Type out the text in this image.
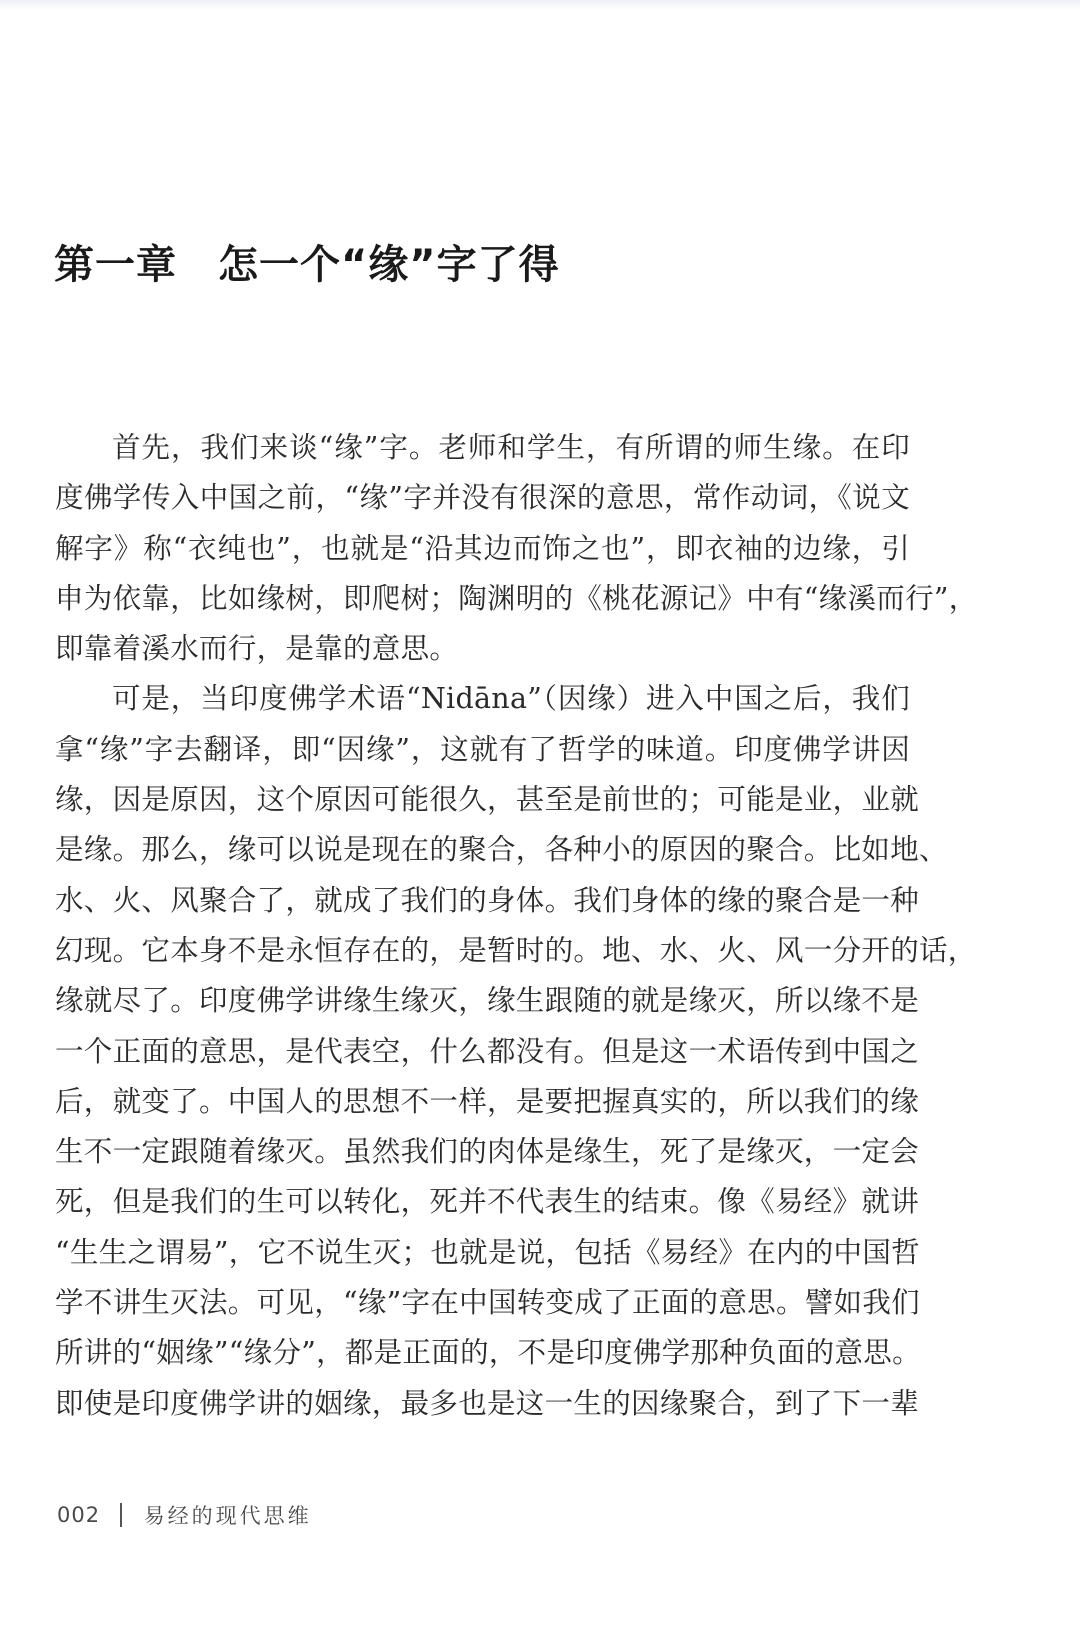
第一章　怎一个“缘”字了得
首先，我们来谈“缘”字。老师和学生，有所谓的师生缘。在印
度佛学传入中国之前，“缘”字并没有很深的意思，常作动词，《说文
解字》称“衣纯也”，也就是“沿其边而饰之也”，即衣袖的边缘，引
申为依靠，比如缘树，即爬树；陶渊明的《桃花源记》中有“缘溪而行”，
即靠着溪水而行，是靠的意思。
可是，当印度佛学术语“Nidāna”（因缘）进入中国之后，我们
拿“缘”字去翻译，即“因缘”，这就有了哲学的味道。印度佛学讲因
缘，因是原因，这个原因可能很久，甚至是前世的；可能是业，业就
是缘。那么，缘可以说是现在的聚合，各种小的原因的聚合。比如地、
水、火、风聚合了，就成了我们的身体。我们身体的缘的聚合是一种
幻现。它本身不是永恒存在的，是暂时的。地、水、火、风一分开的话，
缘就尽了。印度佛学讲缘生缘灭，缘生跟随的就是缘灭，所以缘不是
一个正面的意思，是代表空，什么都没有。但是这一术语传到中国之
后，就变了。中国人的思想不一样，是要把握真实的，所以我们的缘
生不一定跟随着缘灭。虽然我们的肉体是缘生，死了是缘灭，一定会
死，但是我们的生可以转化，死并不代表生的结束。像《易经》就讲
“生生之谓易”，它不说生灭；也就是说，包括《易经》在内的中国哲
学不讲生灭法。可见，“缘”字在中国转变成了正面的意思。譬如我们
所讲的“姻缘”“缘分”，都是正面的，不是印度佛学那种负面的意思。
即使是印度佛学讲的姻缘，最多也是这一生的因缘聚合，到了下一辈
002 易经的现代思维
